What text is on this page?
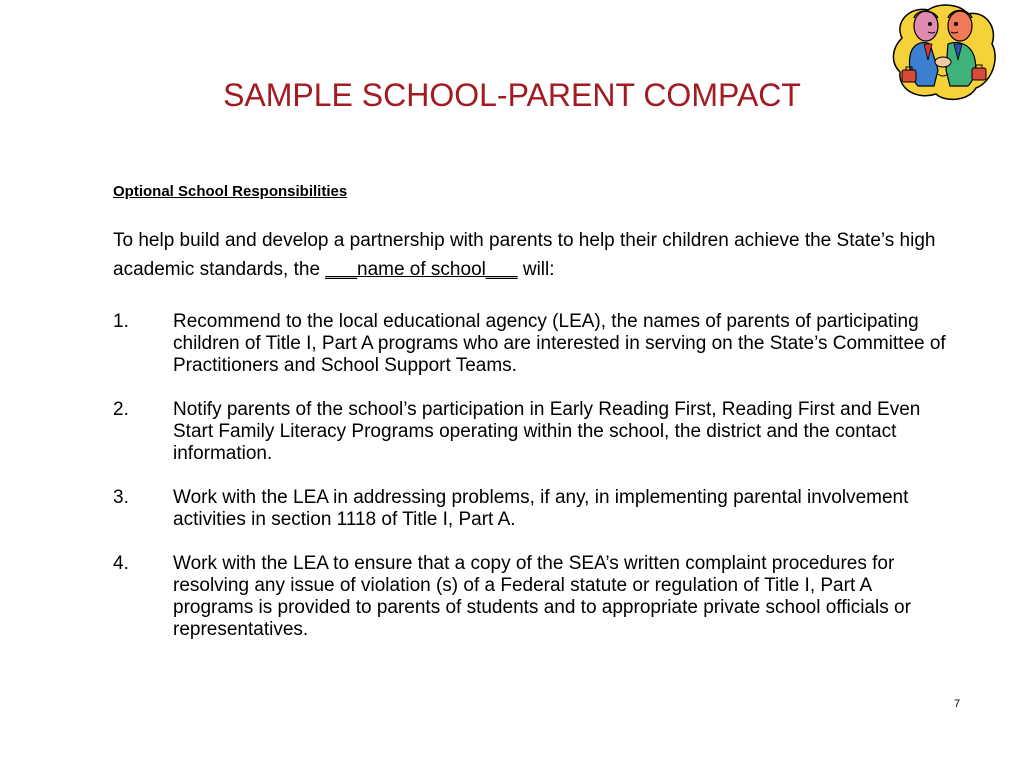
SAMPLE SCHOOL-PARENT COMPACT
Optional School Responsibilities
To help build and develop a partnership with parents to help their children achieve the State’s high academic standards, the ___name of school___ will:
1. Recommend to the local educational agency (LEA), the names of parents of participating children of Title I, Part A programs who are interested in serving on the State’s Committee of Practitioners and School Support Teams.
2. Notify parents of the school’s participation in Early Reading First, Reading First and Even Start Family Literacy Programs operating within the school, the district and the contact information.
3. Work with the LEA in addressing problems, if any, in implementing parental involvement activities in section 1118 of Title I, Part A.
4. Work with the LEA to ensure that a copy of the SEA’s written complaint procedures for resolving any issue of violation (s) of a Federal statute or regulation of Title I, Part A programs is provided to parents of students and to appropriate private school officials or representatives.
7
